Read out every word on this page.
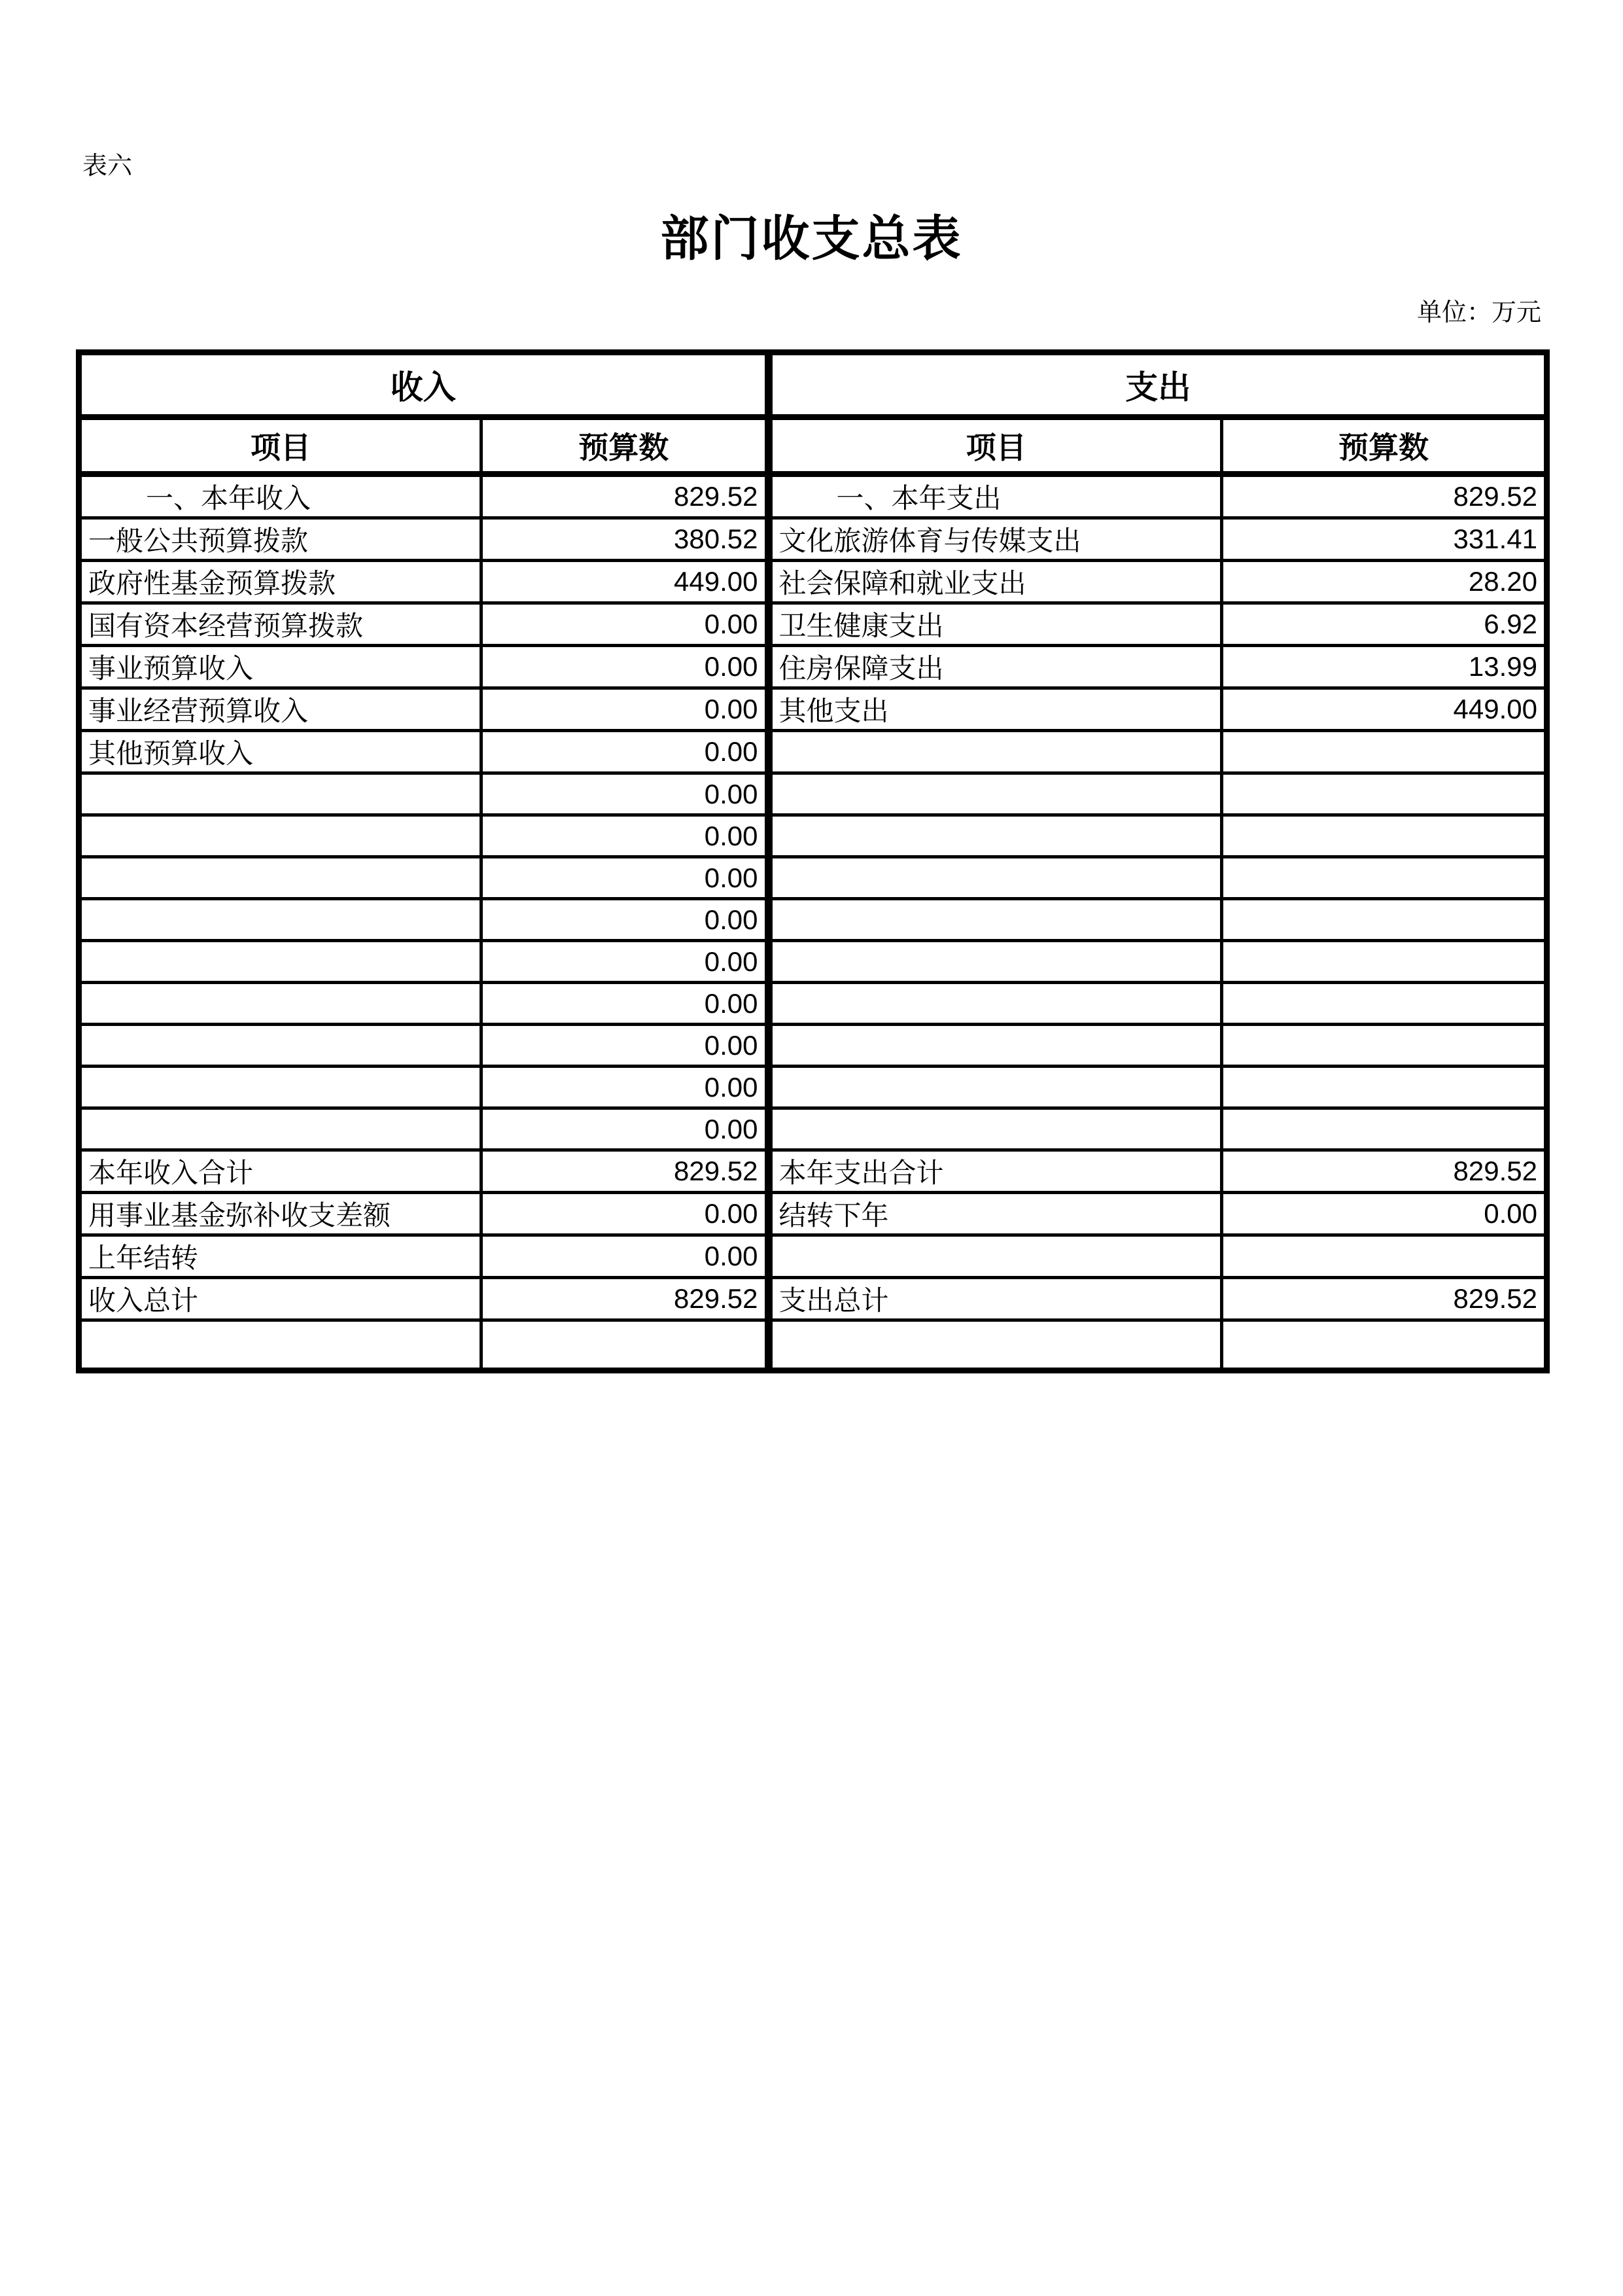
表六
部门收支总表
单位：万元
收入		支出	
项目	预算数	项目	预算数
一、本年收入	829.52	一、本年支出	829.52
一般公共预算拨款	380.52	文化旅游体育与传媒支出	331.41
政府性基金预算拨款	449.00	社会保障和就业支出	28.20
国有资本经营预算拨款	0.00	卫生健康支出	6.92
事业预算收入	0.00	住房保障支出	13.99
事业经营预算收入	0.00	其他支出	449.00
其他预算收入	0.00		
	0.00		
	0.00		
	0.00		
	0.00		
	0.00		
	0.00		
	0.00		
	0.00		
	0.00		
本年收入合计	829.52	本年支出合计	829.52
用事业基金弥补收支差额	0.00	结转下年	0.00
上年结转	0.00		
收入总计	829.52	支出总计	829.52
